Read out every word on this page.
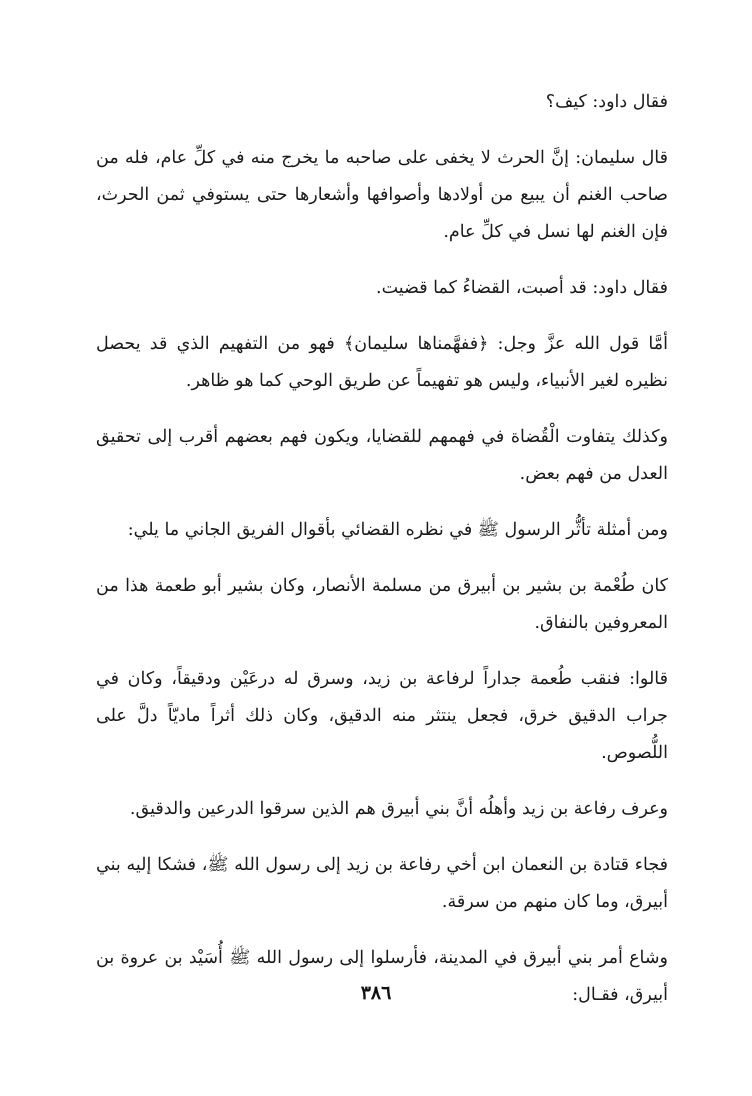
فقال داود: كيف؟

قال سليمان: إنَّ الحرث لا يخفى على صاحبه ما يخرج منه في كلِّ عام، فله من صاحب الغنم أن يبيع من أولادها وأصوافها وأشعارها حتى يستوفي ثمن الحرث، فإن الغنم لها نسل في كلِّ عام.

فقال داود: قد أصبت، القضاءُ كما قضيت.

أمَّا قول الله عزَّ وجل: ﴿ففهَّمناها سليمان﴾ فهو من التفهيم الذي قد يحصل نظيره لغير الأنبياء، وليس هو تفهيماً عن طريق الوحي كما هو ظاهر.

وكذلك يتفاوت الْقُضاة في فهمهم للقضايا، ويكون فهم بعضهم أقرب إلى تحقيق العدل من فهم بعض.

ومن أمثلة تأثُّر الرسول ﷺ في نظره القضائي بأقوال الفريق الجاني ما يلي:

كان طُعْمة بن بشير بن أبيرق من مسلمة الأنصار، وكان بشير أبو طعمة هذا من المعروفين بالنفاق.

قالوا: فنقب طُعمة جداراً لرفاعة بن زيد، وسرق له درعَيْن ودقيقاً، وكان في جراب الدقيق خرق، فجعل ينتثر منه الدقيق، وكان ذلك أثراً ماديّاً دلَّ على اللُّصوص.

وعرف رفاعة بن زيد وأهلُه أنَّ بني أبيرق هم الذين سرقوا الدرعين والدقيق.

فجاء قتادة بن النعمان ابن أخي رفاعة بن زيد إلى رسول الله ﷺ، فشكا إليه بني أبيرق، وما كان منهم من سرقة.

وشاع أمر بني أبيرق في المدينة، فأرسلوا إلى رسول الله ﷺ أُسَيْد بن عروة بن أبيرق، فقـال:

٣٨٦
